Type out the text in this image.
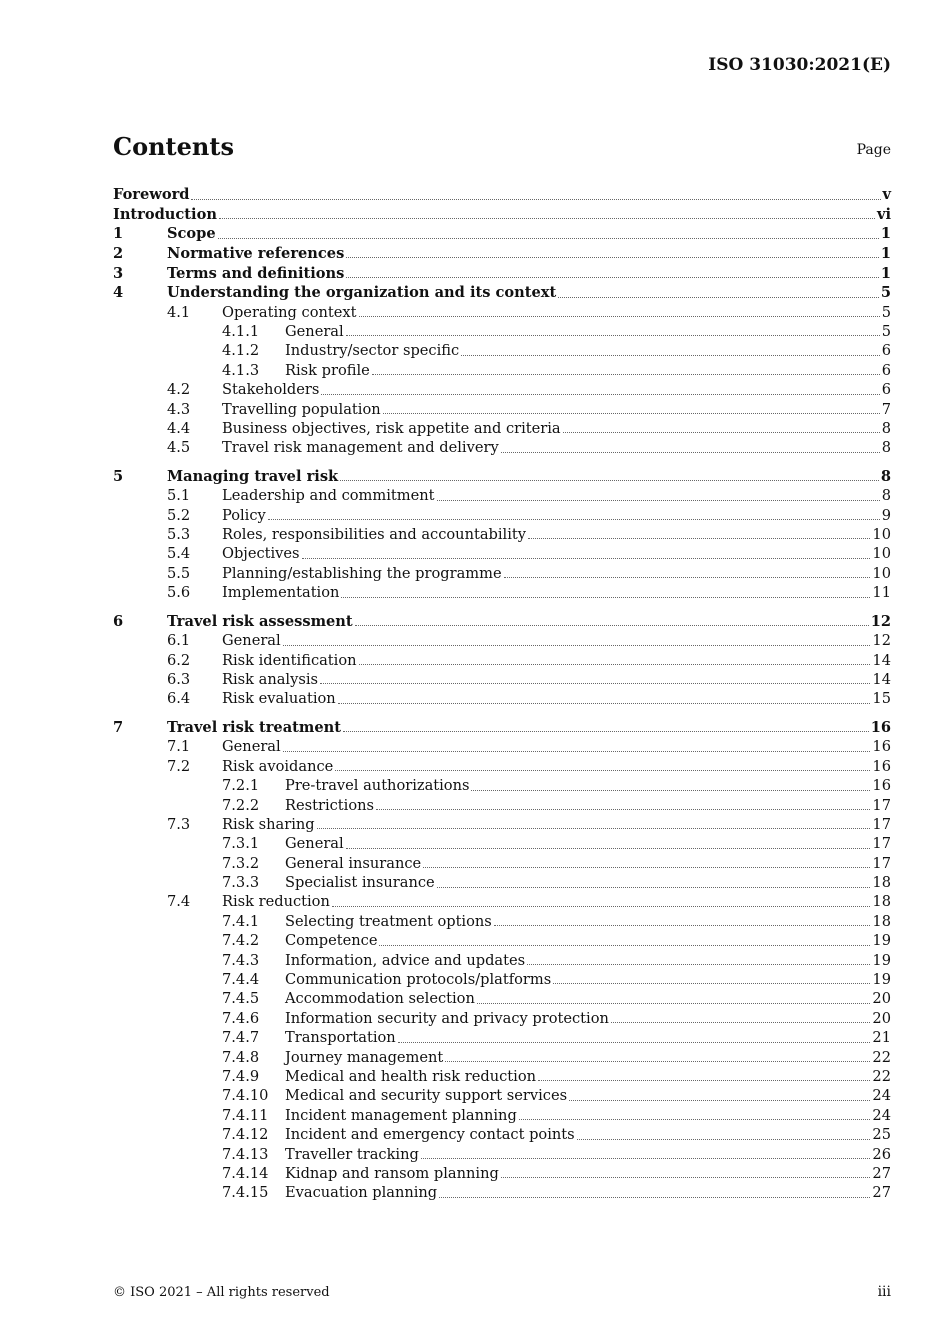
ISO 31030:2021(E)
Contents	Page
Foreword	v
Introduction	vi
1	Scope	1
2	Normative references	1
3	Terms and definitions	1
4	Understanding the organization and its context	5
4.1	Operating context	5
4.1.1	General	5
4.1.2	Industry/sector specific	6
4.1.3	Risk profile	6
4.2	Stakeholders	6
4.3	Travelling population	7
4.4	Business objectives, risk appetite and criteria	8
4.5	Travel risk management and delivery	8
5	Managing travel risk	8
5.1	Leadership and commitment	8
5.2	Policy	9
5.3	Roles, responsibilities and accountability	10
5.4	Objectives	10
5.5	Planning/establishing the programme	10
5.6	Implementation	11
6	Travel risk assessment	12
6.1	General	12
6.2	Risk identification	14
6.3	Risk analysis	14
6.4	Risk evaluation	15
7	Travel risk treatment	16
7.1	General	16
7.2	Risk avoidance	16
7.2.1	Pre-travel authorizations	16
7.2.2	Restrictions	17
7.3	Risk sharing	17
7.3.1	General	17
7.3.2	General insurance	17
7.3.3	Specialist insurance	18
7.4	Risk reduction	18
7.4.1	Selecting treatment options	18
7.4.2	Competence	19
7.4.3	Information, advice and updates	19
7.4.4	Communication protocols/platforms	19
7.4.5	Accommodation selection	20
7.4.6	Information security and privacy protection	20
7.4.7	Transportation	21
7.4.8	Journey management	22
7.4.9	Medical and health risk reduction	22
7.4.10	Medical and security support services	24
7.4.11	Incident management planning	24
7.4.12	Incident and emergency contact points	25
7.4.13	Traveller tracking	26
7.4.14	Kidnap and ransom planning	27
7.4.15	Evacuation planning	27
© ISO 2021 – All rights reserved	iii
